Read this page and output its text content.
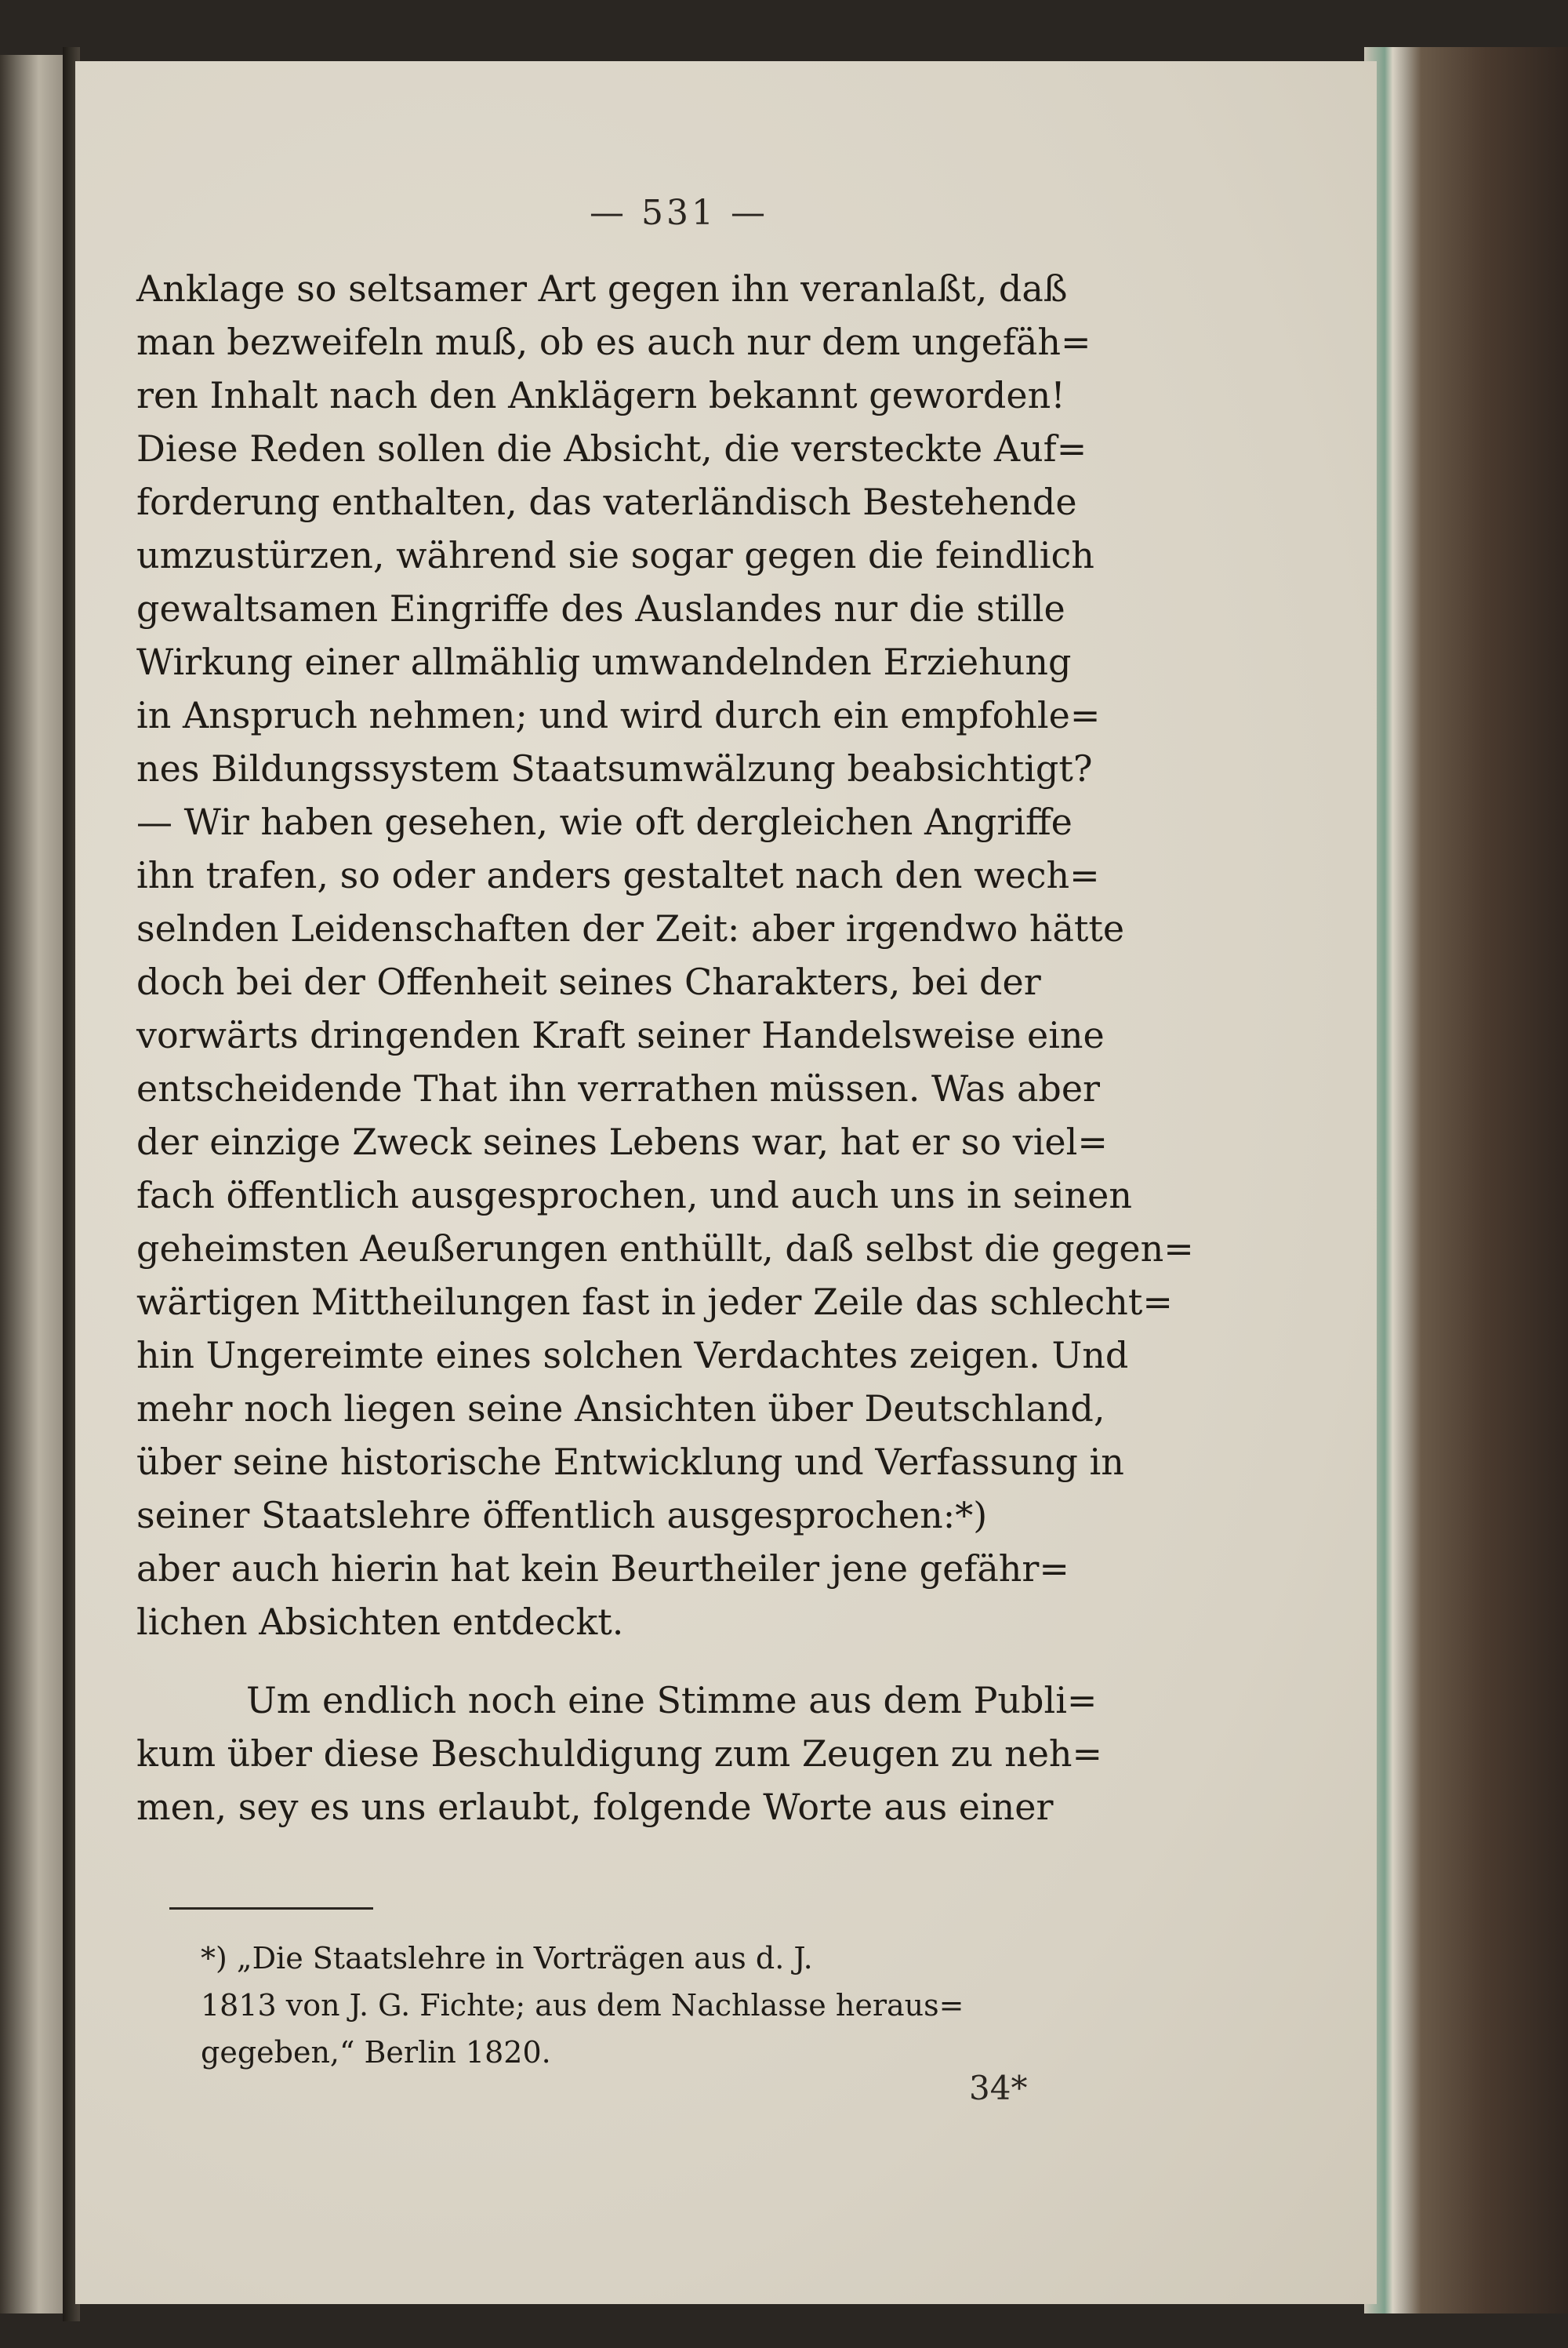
— 531 —
Anklage so seltsamer Art gegen ihn veranlaßt, daß
man bezweifeln muß, ob es auch nur dem ungefäh=
ren Inhalt nach den Anklägern bekannt geworden!
Diese Reden sollen die Absicht, die versteckte Auf=
forderung enthalten, das vaterländisch Bestehende
umzustürzen, während sie sogar gegen die feindlich
gewaltsamen Eingriffe des Auslandes nur die stille
Wirkung einer allmählig umwandelnden Erziehung
in Anspruch nehmen; und wird durch ein empfohle=
nes Bildungssystem Staatsumwälzung beabsichtigt?
— Wir haben gesehen, wie oft dergleichen Angriffe
ihn trafen, so oder anders gestaltet nach den wech=
selnden Leidenschaften der Zeit: aber irgendwo hätte
doch bei der Offenheit seines Charakters, bei der
vorwärts dringenden Kraft seiner Handelsweise eine
entscheidende That ihn verrathen müssen. Was aber
der einzige Zweck seines Lebens war, hat er so viel=
fach öffentlich ausgesprochen, und auch uns in seinen
geheimsten Aeußerungen enthüllt, daß selbst die gegen=
wärtigen Mittheilungen fast in jeder Zeile das schlecht=
hin Ungereimte eines solchen Verdachtes zeigen. Und
mehr noch liegen seine Ansichten über Deutschland,
über seine historische Entwicklung und Verfassung in
seiner Staatslehre öffentlich ausgesprochen:*)
aber auch hierin hat kein Beurtheiler jene gefähr=
lichen Absichten entdeckt.
Um endlich noch eine Stimme aus dem Publi=
kum über diese Beschuldigung zum Zeugen zu neh=
men, sey es uns erlaubt, folgende Worte aus einer
*) „Die Staatslehre in Vorträgen aus d. J.
1813 von J. G. Fichte; aus dem Nachlasse heraus=
gegeben,“ Berlin 1820.
34*
